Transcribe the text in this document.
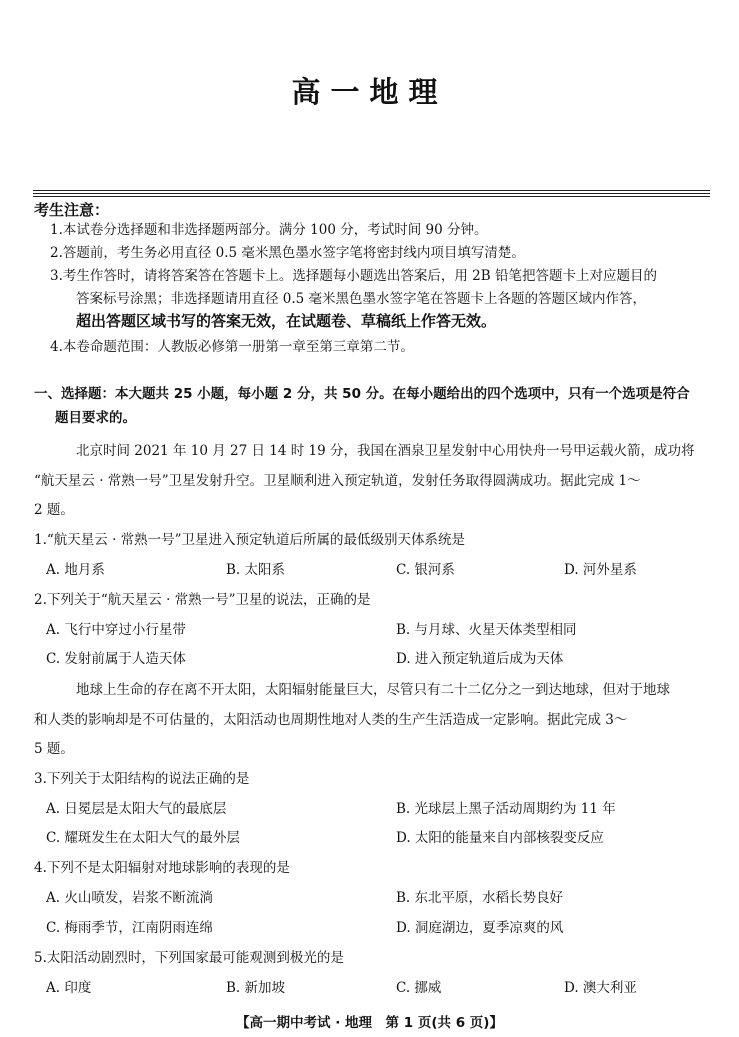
高一地理
考生注意：
1.本试卷分选择题和非选择题两部分。满分 100 分，考试时间 90 分钟。
2.答题前，考生务必用直径 0.5 毫米黑色墨水签字笔将密封线内项目填写清楚。
3.考生作答时，请将答案答在答题卡上。选择题每小题选出答案后，用 2B 铅笔把答题卡上对应题目的
答案标号涂黑；非选择题请用直径 0.5 毫米黑色墨水签字笔在答题卡上各题的答题区域内作答，
超出答题区域书写的答案无效，在试题卷、草稿纸上作答无效。
4.本卷命题范围：人教版必修第一册第一章至第三章第二节。
一、选择题：本大题共 25 小题，每小题 2 分，共 50 分。在每小题给出的四个选项中，只有一个选项是符合
题目要求的。
北京时间 2021 年 10 月 27 日 14 时 19 分，我国在酒泉卫星发射中心用快舟一号甲运载火箭，成功将
“航天星云 · 常熟一号”卫星发射升空。卫星顺利进入预定轨道，发射任务取得圆满成功。据此完成 1～
2 题。
1.“航天星云 · 常熟一号”卫星进入预定轨道后所属的最低级别天体系统是
A. 地月系	B. 太阳系	C. 银河系	D. 河外星系
2.下列关于“航天星云 · 常熟一号”卫星的说法，正确的是
A. 飞行中穿过小行星带	B. 与月球、火星天体类型相同
C. 发射前属于人造天体	D. 进入预定轨道后成为天体
地球上生命的存在离不开太阳，太阳辐射能量巨大，尽管只有二十二亿分之一到达地球，但对于地球
和人类的影响却是不可估量的，太阳活动也周期性地对人类的生产生活造成一定影响。据此完成 3～
5 题。
3.下列关于太阳结构的说法正确的是
A. 日冕层是太阳大气的最底层	B. 光球层上黑子活动周期约为 11 年
C. 耀斑发生在太阳大气的最外层	D. 太阳的能量来自内部核裂变反应
4.下列不是太阳辐射对地球影响的表现的是
A. 火山喷发，岩浆不断流淌	B. 东北平原，水稻长势良好
C. 梅雨季节，江南阴雨连绵	D. 洞庭湖边，夏季凉爽的风
5.太阳活动剧烈时，下列国家最可能观测到极光的是
A. 印度	B. 新加坡	C. 挪威	D. 澳大利亚
【高一期中考试 · 地理　第 1 页(共 6 页)】
